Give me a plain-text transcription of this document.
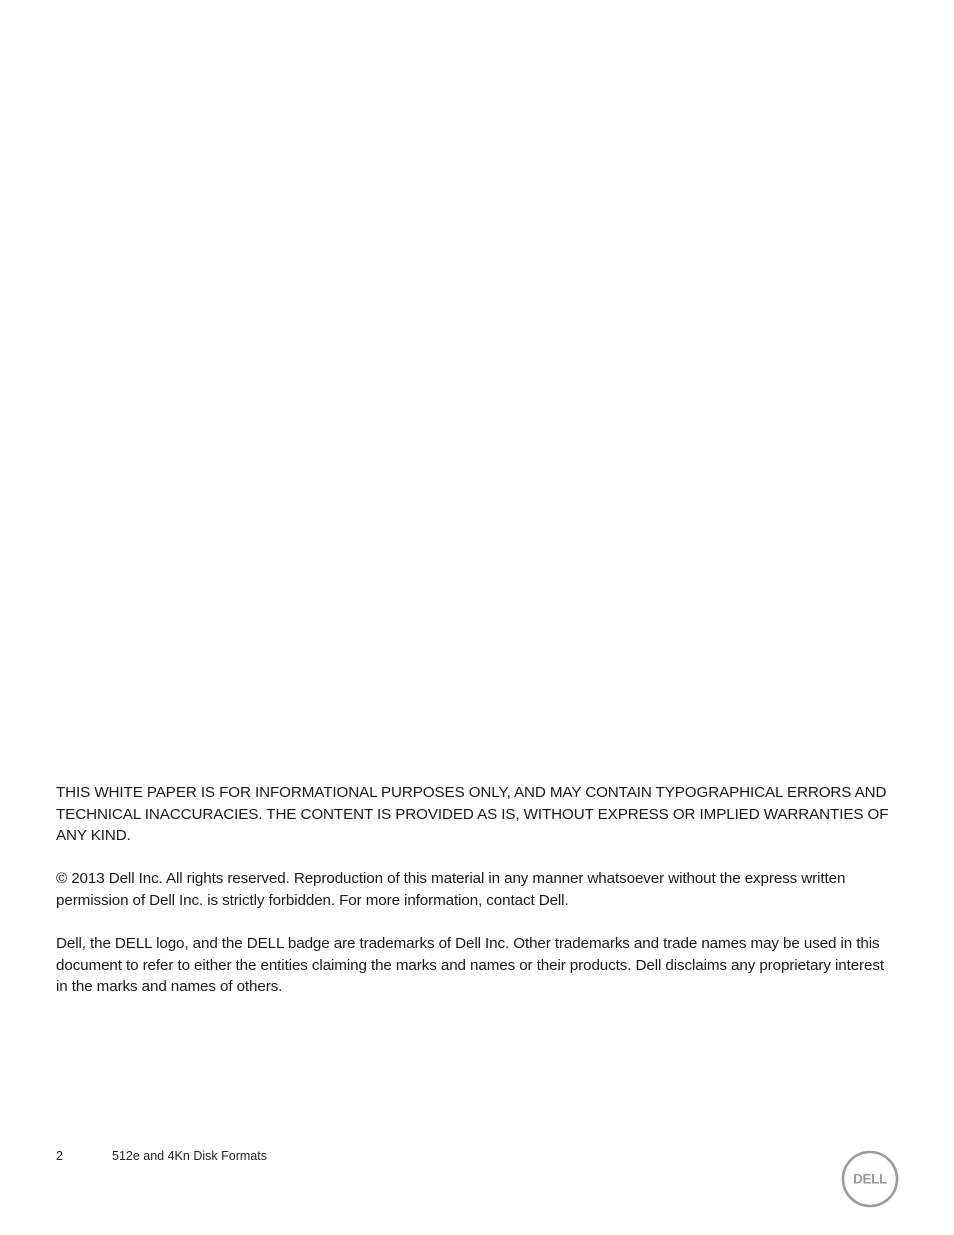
THIS WHITE PAPER IS FOR INFORMATIONAL PURPOSES ONLY, AND MAY CONTAIN TYPOGRAPHICAL ERRORS AND TECHNICAL INACCURACIES. THE CONTENT IS PROVIDED AS IS, WITHOUT EXPRESS OR IMPLIED WARRANTIES OF ANY KIND.

© 2013 Dell Inc. All rights reserved. Reproduction of this material in any manner whatsoever without the express written permission of Dell Inc. is strictly forbidden. For more information, contact Dell.

Dell, the DELL logo, and the DELL badge are trademarks of Dell Inc. Other trademarks and trade names may be used in this document to refer to either the entities claiming the marks and names or their products. Dell disclaims any proprietary interest in the marks and names of others.

2	512e and 4Kn Disk Formats
DELL
